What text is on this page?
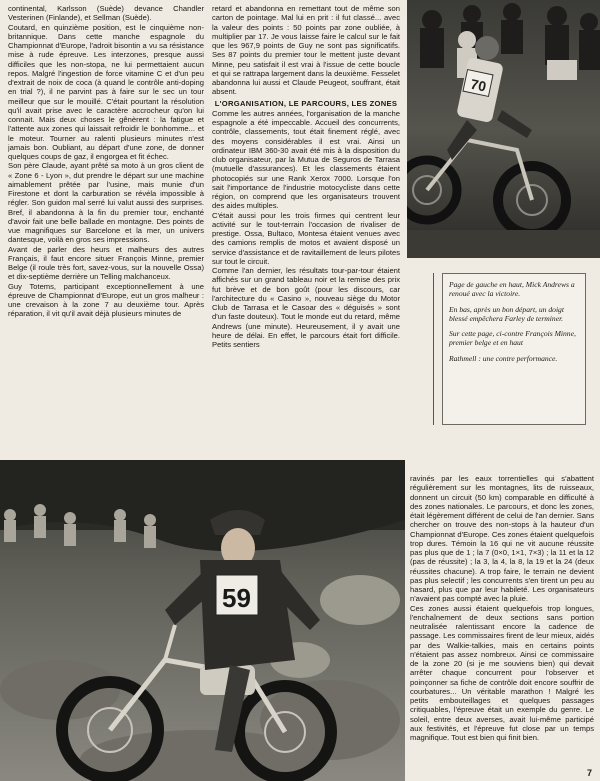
continental, Karlsson (Suède) devance Chandler Vesterinen (Finlande), et Sellman (Suède).

Coutard, en quinzième position, est le cinquième non-britannique. Dans cette manche espagnole du Championnat d'Europe, l'adroit bisontin a vu sa résistance mise à rude épreuve. Les interzones, presque aussi difficiles que les non-stopa, ne lui permettaient aucun repos. Malgré l'ingestion de force vitamine C et d'un peu d'extrait de noix de coca (à quand le contrôle anti-doping en trial ?), il ne parvint pas à faire sur le sec un tour meilleur que sur le mouillé. C'était pourtant la résolution qu'il avait prise avec le caractère accrocheur qu'on lui connait. Mais deux choses le gênèrent : la fatigue et l'attente aux zones qui laissait refroidir le bonhomme... et le moteur. Tourner au ralenti plusieurs minutes n'est jamais bon. Oubliant, au départ d'une zone, de donner quelques coups de gaz, il engorgea et fit échec.

Son père Claude, ayant prêté sa moto à un gros client de « Zone 6 - Lyon », dut prendre le départ sur une machine aimablement prêtée par l'usine, mais munie d'un Firestone et dont la carburation se révéla impossible à régler. Son guidon mal serré lui valut aussi des surprises. Bref, il abandonna à la fin du premier tour, enchanté d'avoir fait une belle ballade en montagne. Des points de vue magnifiques sur Barcelone et la mer, un univers dantesque, voilà en gros ses impressions.

Avant de parler des heurs et malheurs des autres Français, il faut encore situer François Minne, premier Belge (il roule très fort, savez-vous, sur la nouvelle Ossa) et dix-septième derrière un Telling malchanceux.

Guy Totems, participant exceptionnellement à une épreuve de Championnat d'Europe, eut un gros malheur : une crevaison à la zone 7 au deuxième tour. Après réparation, il vit qu'il avait déjà plusieurs minutes de

retard et abandonna en remettant tout de même son carton de pointage. Mal lui en prit : il fut classé... avec la valeur des points : 50 points par zone oubliée, à multiplier par 17. Je vous laisse faire le calcul sur le fait que les 967,9 points de Guy ne sont pas significatifs. Ses 87 points du premier tour le mettent juste devant Minne, peu satisfait il est vrai à l'issue de cette boucle et qui se rattrapa largement dans la deuxième. Fesselet abandonna lui aussi et Claude Peugeot, souffrant, était absent.

L'ORGANISATION, LE PARCOURS, LES ZONES

Comme les autres années, l'organisation de la manche espagnole a été impeccable. Accueil des concurrents, contrôle, classements, tout était finement réglé, avec des moyens considérables il est vrai. Ainsi un ordinateur IBM 360-30 avait été mis à la disposition du club organisateur, par la Mutua de Seguros de Tarrasa (mutuelle d'assurances). Et les classements étaient photocopiés sur une Rank Xerox 7000. Lorsque l'on sait l'importance de l'industrie motocycliste dans cette région, on comprend que les organisateurs trouvent des aides multiples.

C'était aussi pour les trois firmes qui centrent leur activité sur le tout-terrain l'occasion de rivaliser de prestige. Ossa, Bultaco, Montesa étaient venues avec des camions remplis de motos et avaient disposé un service d'assistance et de ravitaillement de leurs pilotes sur tout le circuit.

Comme l'an dernier, les résultats tour-par-tour étaient affichés sur un grand tableau noir et la remise des prix fut brève et de bon goût (pour les discours, car l'architecture du « Casino », nouveau siège du Motor Club de Tarrasa et le Casoar des « déguisés » sont d'un faste douteux). Tout le monde eut du retard, même Andrews (une minute). Heureusement, il y avait une heure de délai. En effet, le parcours était fort difficile. Petits sentiers

70

Page de gauche en haut, Mick Andrews a renoué avec la victoire.

En bas, après un bon départ, un doigt blessé empêchera Farley de terminer.

Sur cette page, ci-contre François Minne, premier belge et en haut

Rathmell : une contre performance.

59

ravinés par les eaux torrentielles qui s'abattent régulièrement sur les montagnes, lits de ruisseaux, donnent un circuit (50 km) comparable en difficulté à des zones nationales. Le parcours, et donc les zones, était légèrement différent de celui de l'an dernier. Sans chercher on trouve des non-stops à la hauteur d'un Championnat d'Europe. Ces zones étaient quelquefois trop dures. Témoin la 16 qui ne vit aucune réussite pas plus que de 1 ; la 7 (0×0, 1×1, 7×3) ; la 11 et la 12 (pas de réussite) ; la 3, la 4, la 8, la 19 et la 24 (deux réussites chacune). A trop faire, le terrain ne devient pas plus selectif ; les concurrents s'en tirent un peu au hasard, plus que par leur habileté. Les organisateurs n'avaient pas compté avec la pluie.

Ces zones aussi étaient quelquefois trop longues, l'enchaînement de deux sections sans portion neutralisée ralentissant encore la cadence de passage. Les commissaires firent de leur mieux, aidés par des Walkie-talkies, mais en certains points n'étaient pas assez nombreux. Ainsi ce commissaire de la zone 20 (si je me souviens bien) qui devait arrêter chaque concurrent pour l'observer et poinçonner sa fiche de contrôle doit encore souffrir de courbatures... Un véritable marathon ! Malgré les petits embouteillages et quelques passages critiquables, l'épreuve était un exemple du genre. Le soleil, entre deux averses, avait lui-même participé aux festivités, et l'épreuve fut close par un temps magnifique. Tout est bien qui finit bien.

7
